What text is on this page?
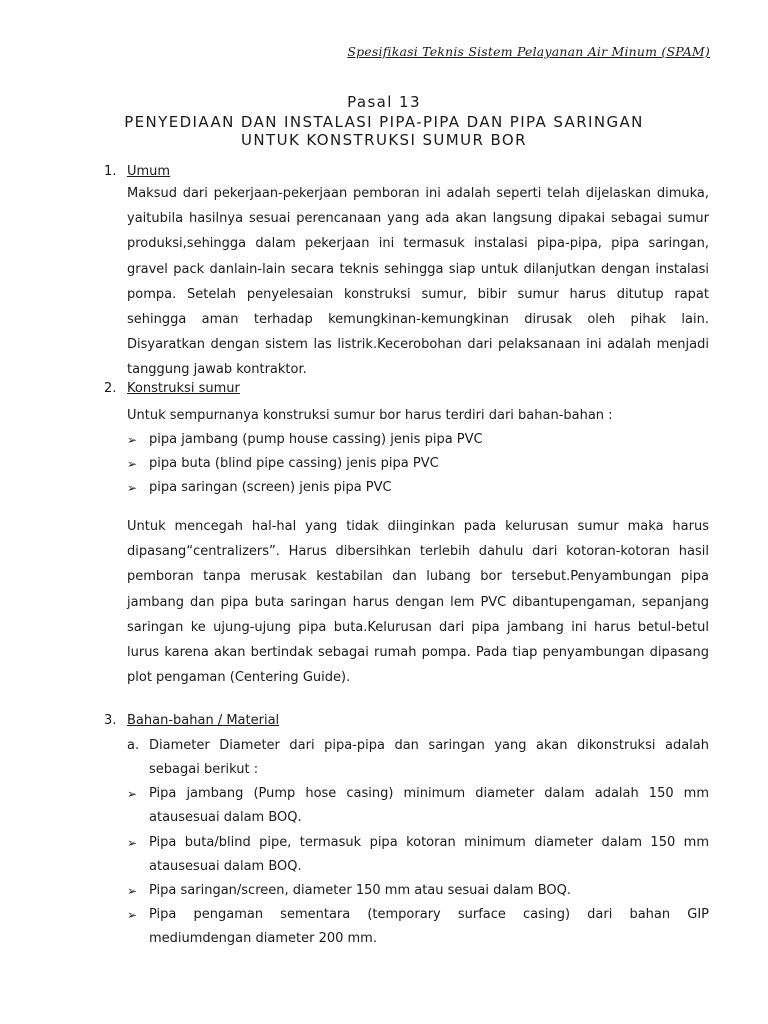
Spesifikasi Teknis Sistem Pelayanan Air Minum (SPAM)
Pasal 13
PENYEDIAAN DAN INSTALASI PIPA-PIPA DAN PIPA SARINGAN
UNTUK KONSTRUKSI SUMUR BOR
1. Umum

Maksud dari pekerjaan-pekerjaan pemboran ini adalah seperti telah dijelaskan dimuka, yaitubila hasilnya sesuai perencanaan yang ada akan langsung dipakai sebagai sumur produksi,sehingga dalam pekerjaan ini termasuk instalasi pipa-pipa, pipa saringan, gravel pack danlain-lain secara teknis sehingga siap untuk dilanjutkan dengan instalasi pompa. Setelah penyelesaian konstruksi sumur, bibir sumur harus ditutup rapat sehingga aman terhadap kemungkinan-kemungkinan dirusak oleh pihak lain. Disyaratkan dengan sistem las listrik.Kecerobohan dari pelaksanaan ini adalah menjadi tanggung jawab kontraktor.

2. Konstruksi sumur
Untuk sempurnanya konstruksi sumur bor harus terdiri dari bahan-bahan :
➢ pipa jambang (pump house cassing) jenis pipa PVC
➢ pipa buta (blind pipe cassing) jenis pipa PVC
➢ pipa saringan (screen) jenis pipa PVC

Untuk mencegah hal-hal yang tidak diinginkan pada kelurusan sumur maka harus dipasang“centralizers”. Harus dibersihkan terlebih dahulu dari kotoran-kotoran hasil pemboran tanpa merusak kestabilan dan lubang bor tersebut.Penyambungan pipa jambang dan pipa buta saringan harus dengan lem PVC dibantupengaman, sepanjang saringan ke ujung-ujung pipa buta.Kelurusan dari pipa jambang ini harus betul-betul lurus karena akan bertindak sebagai rumah pompa. Pada tiap penyambungan dipasang plot pengaman (Centering Guide).

3. Bahan-bahan / Material
a. Diameter Diameter dari pipa-pipa dan saringan yang akan dikonstruksi adalah sebagai berikut :
➢ Pipa jambang (Pump hose casing) minimum diameter dalam adalah 150 mm atausesuai dalam BOQ.
➢ Pipa buta/blind pipe, termasuk pipa kotoran minimum diameter dalam 150 mm atausesuai dalam BOQ.
➢ Pipa saringan/screen, diameter 150 mm atau sesuai dalam BOQ.
➢ Pipa pengaman sementara (temporary surface casing) dari bahan GIP mediumdengan diameter 200 mm.
